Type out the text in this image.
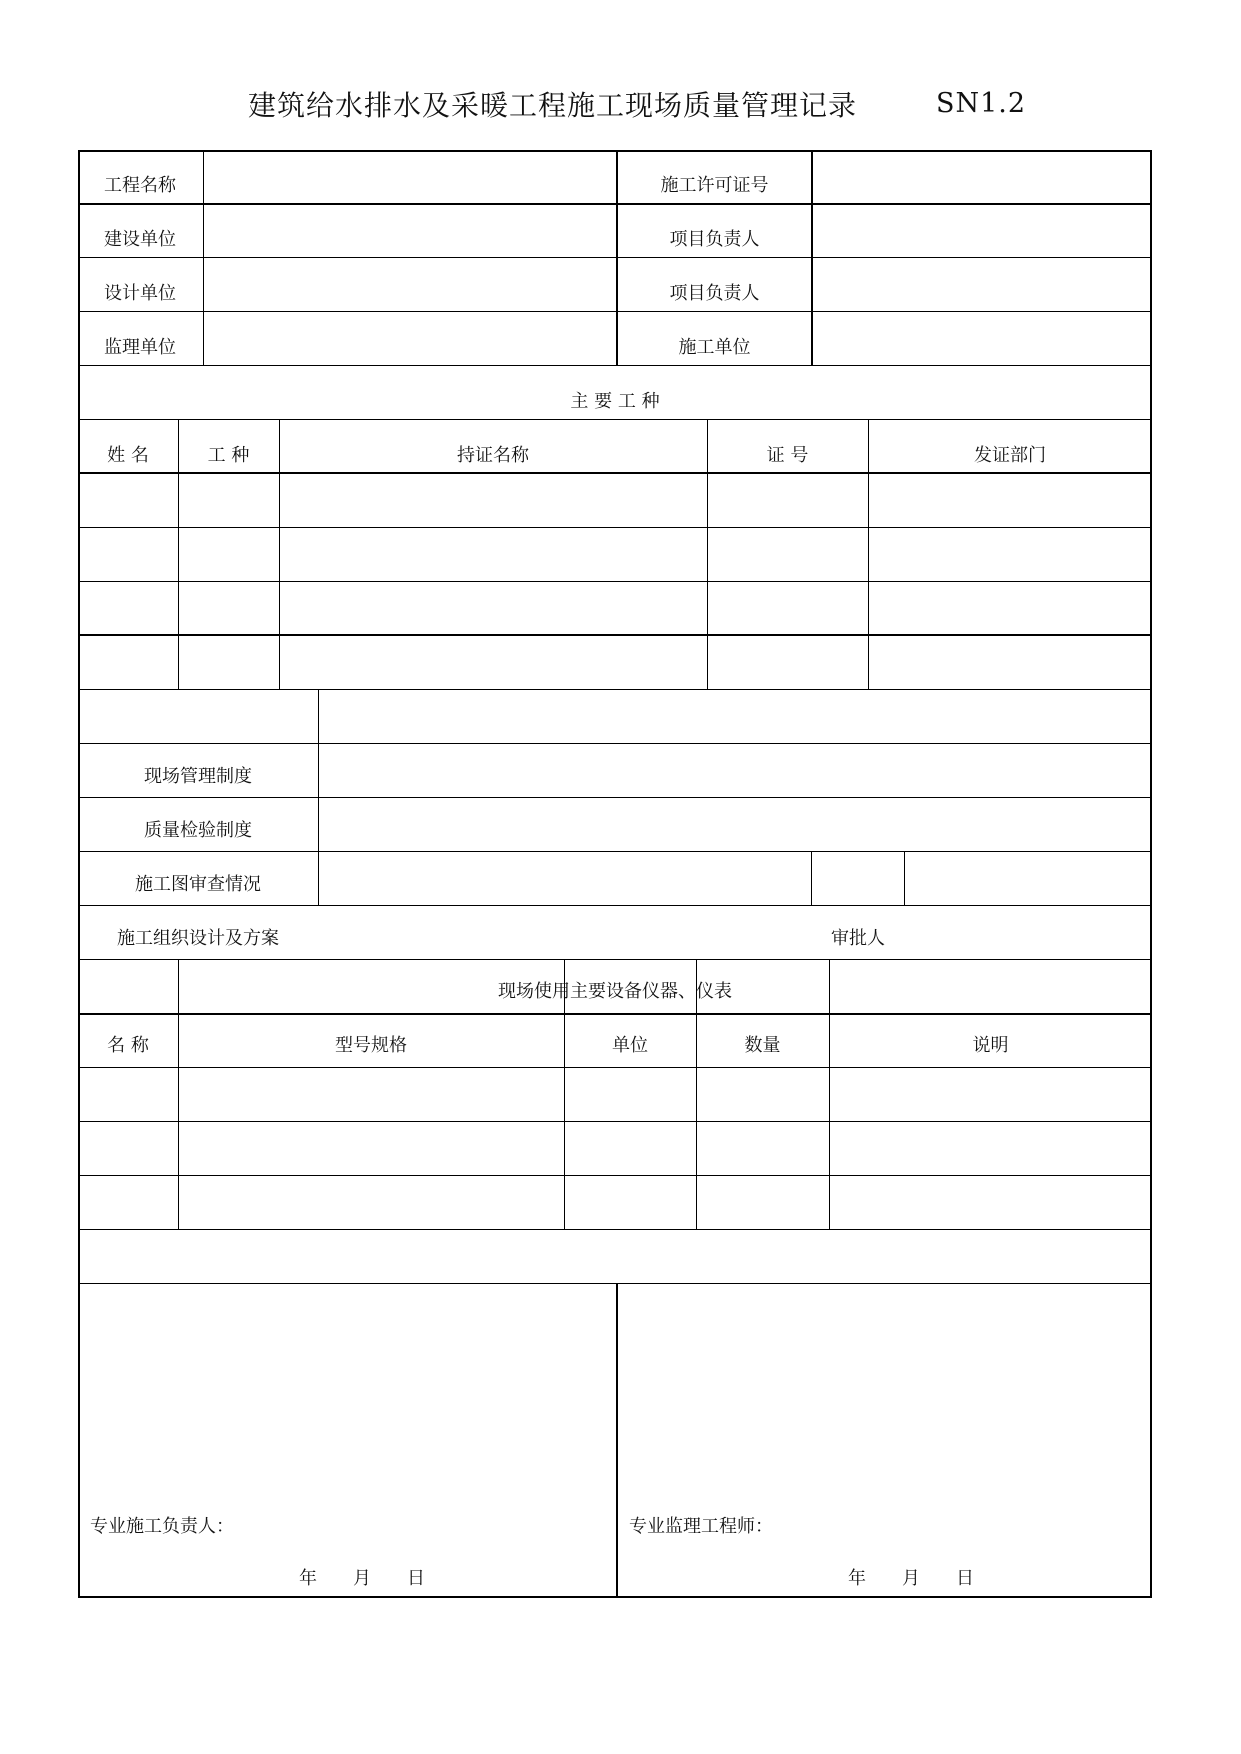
建筑给水排水及采暖工程施工现场质量管理记录	SN1.2
工程名称	施工许可证号
建设单位	项目负责人
设计单位	项目负责人
监理单位	施工单位
主 要 工 种
姓 名	工 种	持证名称	证 号	发证部门
现场管理制度
质量检验制度
施工图审查情况
施工组织设计及方案	审批人
现场使用主要设备仪器、仪表
名 称	型号规格	单位	数量	说明
专业施工负责人：	专业监理工程师：
年　　月　　日	年　　月　　日
